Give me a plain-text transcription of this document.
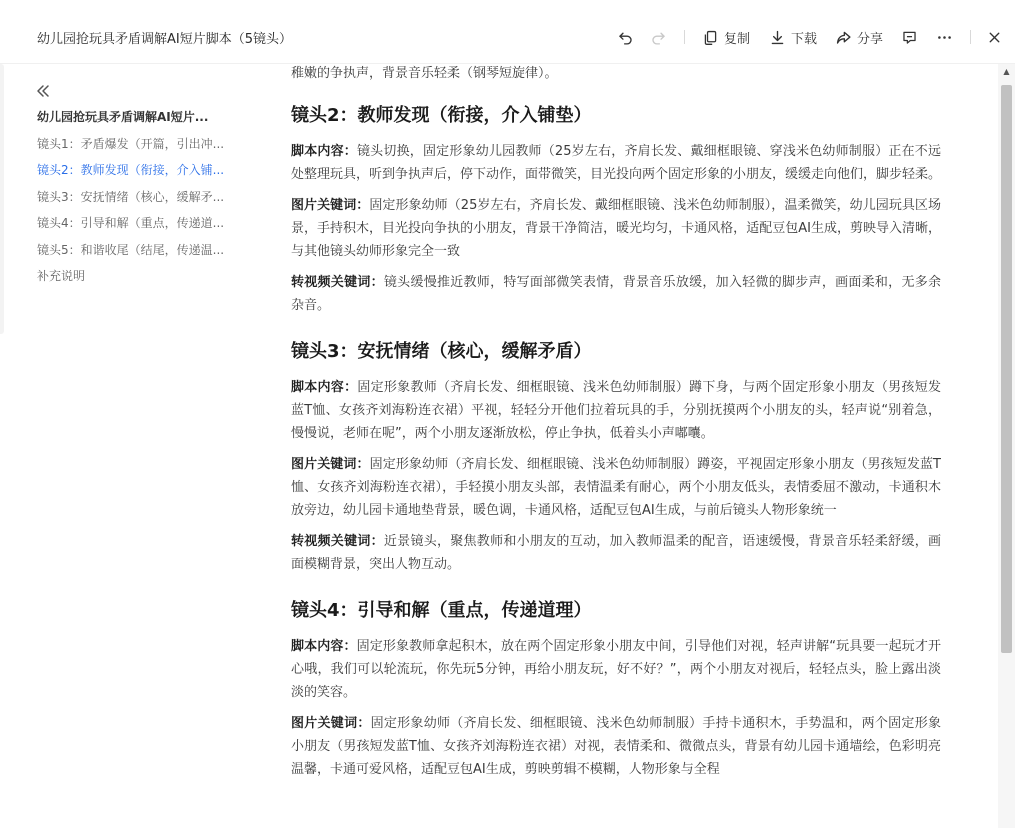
幼儿园抢玩具矛盾调解AI短片脚本（5镜头）	复制	下载	分享
幼儿园抢玩具矛盾调解AI短片...
镜头1：矛盾爆发（开篇，引出冲...
镜头2：教师发现（衔接，介入铺...
镜头3：安抚情绪（核心，缓解矛...
镜头4：引导和解（重点，传递道...
镜头5：和谐收尾（结尾，传递温...
补充说明
稚嫩的争执声，背景音乐轻柔（钢琴短旋律）。
镜头2：教师发现（衔接，介入铺垫）
脚本内容：镜头切换，固定形象幼儿园教师（25岁左右，齐肩长发、戴细框眼镜、穿浅米色幼师制服）正在不远处整理玩具，听到争执声后，停下动作，面带微笑，目光投向两个固定形象的小朋友，缓缓走向他们，脚步轻柔。
图片关键词：固定形象幼师（25岁左右，齐肩长发、戴细框眼镜、浅米色幼师制服），温柔微笑，幼儿园玩具区场景，手持积木，目光投向争执的小朋友，背景干净简洁，暖光均匀，卡通风格，适配豆包AI生成，剪映导入清晰，与其他镜头幼师形象完全一致
转视频关键词：镜头缓慢推近教师，特写面部微笑表情，背景音乐放缓，加入轻微的脚步声，画面柔和，无多余杂音。
镜头3：安抚情绪（核心，缓解矛盾）
脚本内容：固定形象教师（齐肩长发、细框眼镜、浅米色幼师制服）蹲下身，与两个固定形象小朋友（男孩短发蓝T恤、女孩齐刘海粉连衣裙）平视，轻轻分开他们拉着玩具的手，分别抚摸两个小朋友的头，轻声说“别着急，慢慢说，老师在呢”，两个小朋友逐渐放松，停止争执，低着头小声嘟囔。
图片关键词：固定形象幼师（齐肩长发、细框眼镜、浅米色幼师制服）蹲姿，平视固定形象小朋友（男孩短发蓝T恤、女孩齐刘海粉连衣裙），手轻摸小朋友头部，表情温柔有耐心，两个小朋友低头，表情委屈不激动，卡通积木放旁边，幼儿园卡通地垫背景，暖色调，卡通风格，适配豆包AI生成，与前后镜头人物形象统一
转视频关键词：近景镜头，聚焦教师和小朋友的互动，加入教师温柔的配音，语速缓慢，背景音乐轻柔舒缓，画面模糊背景，突出人物互动。
镜头4：引导和解（重点，传递道理）
脚本内容：固定形象教师拿起积木，放在两个固定形象小朋友中间，引导他们对视，轻声讲解“玩具要一起玩才开心哦，我们可以轮流玩，你先玩5分钟，再给小朋友玩，好不好？”，两个小朋友对视后，轻轻点头，脸上露出淡淡的笑容。
图片关键词：固定形象幼师（齐肩长发、细框眼镜、浅米色幼师制服）手持卡通积木，手势温和，两个固定形象小朋友（男孩短发蓝T恤、女孩齐刘海粉连衣裙）对视，表情柔和、微微点头，背景有幼儿园卡通墙绘，色彩明亮温馨，卡通可爱风格，适配豆包AI生成，剪映剪辑不模糊，人物形象与全程
▲
